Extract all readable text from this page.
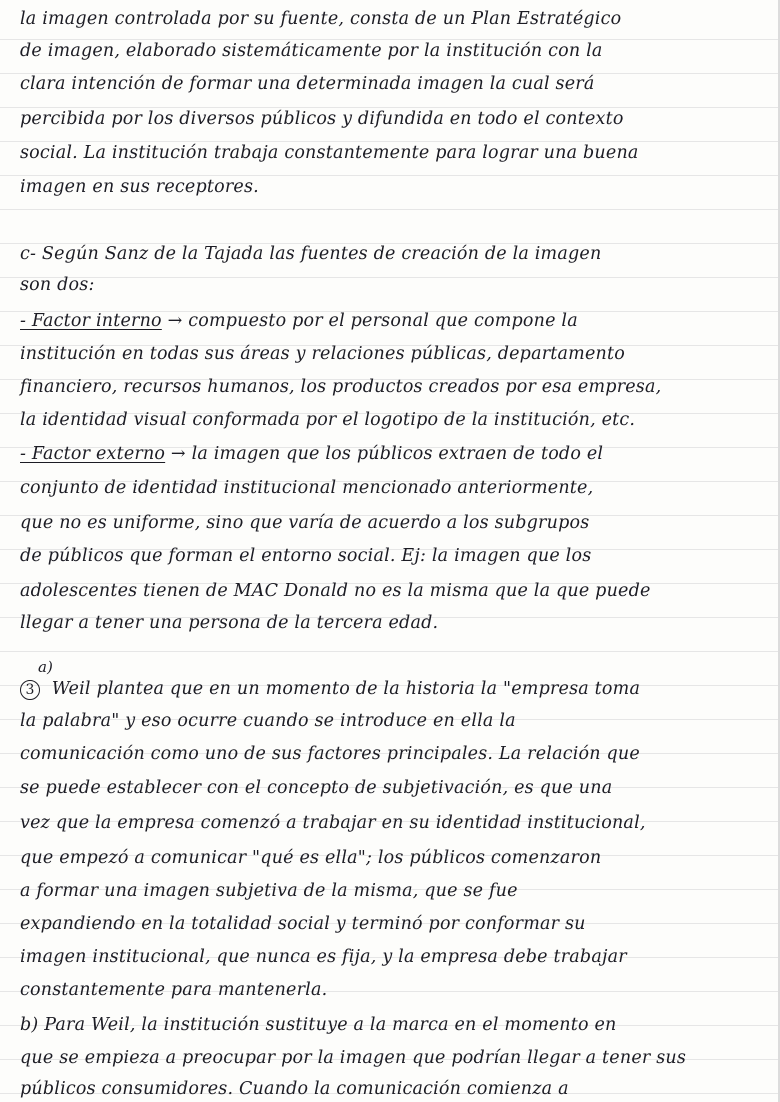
la imagen controlada por su fuente, consta de un Plan Estratégico
de imagen, elaborado sistemáticamente por la institución con la
clara intención de formar una determinada imagen la cual será
percibida por los diversos públicos y difundida en todo el contexto
social. La institución trabaja constantemente para lograr una buena
imagen en sus receptores.
c- Según Sanz de la Tajada las fuentes de creación de la imagen
son dos:
- Factor interno → compuesto por el personal que compone la
institución en todas sus áreas y relaciones públicas, departamento
financiero, recursos humanos, los productos creados por esa empresa,
la identidad visual conformada por el logotipo de la institución, etc.
- Factor externo → la imagen que los públicos extraen de todo el
conjunto de identidad institucional mencionado anteriormente,
que no es uniforme, sino que varía de acuerdo a los subgrupos
de públicos que forman el entorno social. Ej: la imagen que los
adolescentes tienen de MAC Donald no es la misma que la que puede
llegar a tener una persona de la tercera edad.
a)
3 Weil plantea que en un momento de la historia la "empresa toma
la palabra" y eso ocurre cuando se introduce en ella la
comunicación como uno de sus factores principales. La relación que
se puede establecer con el concepto de subjetivación, es que una
vez que la empresa comenzó a trabajar en su identidad institucional,
que empezó a comunicar "qué es ella"; los públicos comenzaron
a formar una imagen subjetiva de la misma, que se fue
expandiendo en la totalidad social y terminó por conformar su
imagen institucional, que nunca es fija, y la empresa debe trabajar
constantemente para mantenerla.
b) Para Weil, la institución sustituye a la marca en el momento en
que se empieza a preocupar por la imagen que podrían llegar a tener sus
públicos consumidores. Cuando la comunicación comienza a
